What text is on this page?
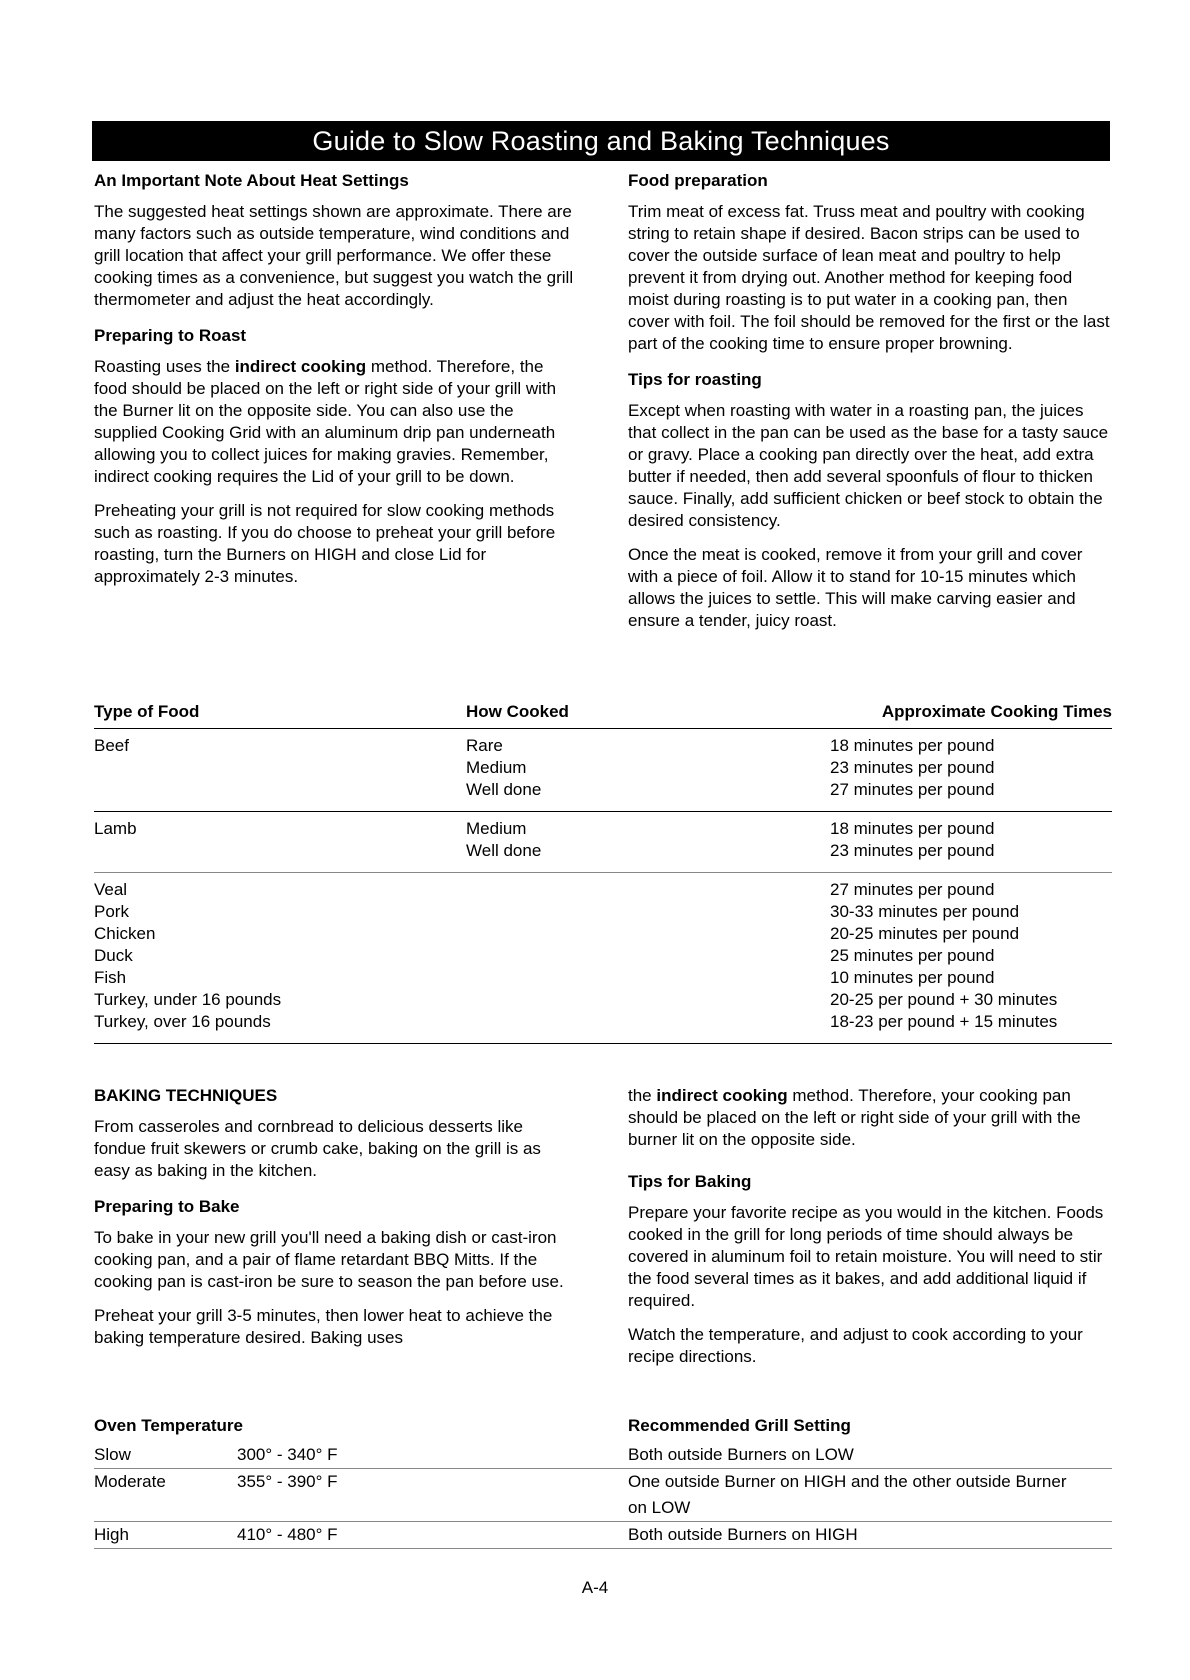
Guide to Slow Roasting and Baking Techniques
An Important Note About Heat Settings

The suggested heat settings shown are approximate. There are many factors such as outside temperature, wind conditions and grill location that affect your grill performance. We offer these cooking times as a convenience, but suggest you watch the grill thermometer and adjust the heat accordingly.

Preparing to Roast

Roasting uses the indirect cooking method. Therefore, the food should be placed on the left or right side of your grill with the Burner lit on the opposite side. You can also use the supplied Cooking Grid with an aluminum drip pan underneath allowing you to collect juices for making gravies. Remember, indirect cooking requires the Lid of your grill to be down.

Preheating your grill is not required for slow cooking methods such as roasting. If you do choose to preheat your grill before roasting, turn the Burners on HIGH and close Lid for approximately 2-3 minutes.

Food preparation

Trim meat of excess fat. Truss meat and poultry with cooking string to retain shape if desired. Bacon strips can be used to cover the outside surface of lean meat and poultry to help prevent it from drying out. Another method for keeping food moist during roasting is to put water in a cooking pan, then cover with foil. The foil should be removed for the first or the last part of the cooking time to ensure proper browning.

Tips for roasting

Except when roasting with water in a roasting pan, the juices that collect in the pan can be used as the base for a tasty sauce or gravy. Place a cooking pan directly over the heat, add extra butter if needed, then add several spoonfuls of flour to thicken sauce. Finally, add sufficient chicken or beef stock to obtain the desired consistency.

Once the meat is cooked, remove it from your grill and cover with a piece of foil. Allow it to stand for 10-15 minutes which allows the juices to settle. This will make carving easier and ensure a tender, juicy roast.

Type of Food	How Cooked	Approximate Cooking Times
Beef	Rare	18 minutes per pound
Medium	23 minutes per pound
Well done	27 minutes per pound
Lamb	Medium	18 minutes per pound
Well done	23 minutes per pound
Veal	27 minutes per pound
Pork	30-33 minutes per pound
Chicken	20-25 minutes per pound
Duck	25 minutes per pound
Fish	10 minutes per pound
Turkey, under 16 pounds	20-25 per pound + 30 minutes
Turkey, over 16 pounds	18-23 per pound + 15 minutes
BAKING TECHNIQUES

From casseroles and cornbread to delicious desserts like fondue fruit skewers or crumb cake, baking on the grill is as easy as baking in the kitchen.

Preparing to Bake

To bake in your new grill you'll need a baking dish or cast-iron cooking pan, and a pair of flame retardant BBQ Mitts. If the cooking pan is cast-iron be sure to season the pan before use.

Preheat your grill 3-5 minutes, then lower heat to achieve the baking temperature desired. Baking uses

the indirect cooking method. Therefore, your cooking pan should be placed on the left or right side of your grill with the burner lit on the opposite side.

Tips for Baking

Prepare your favorite recipe as you would in the kitchen. Foods cooked in the grill for long periods of time should always be covered in aluminum foil to retain moisture. You will need to stir the food several times as it bakes, and add additional liquid if required.

Watch the temperature, and adjust to cook according to your recipe directions.

Oven Temperature	Recommended Grill Setting
Slow	300° - 340° F	Both outside Burners on LOW
Moderate	355° - 390° F	One outside Burner on HIGH and the other outside Burner on LOW
High	410° - 480° F	Both outside Burners on HIGH
A-4
